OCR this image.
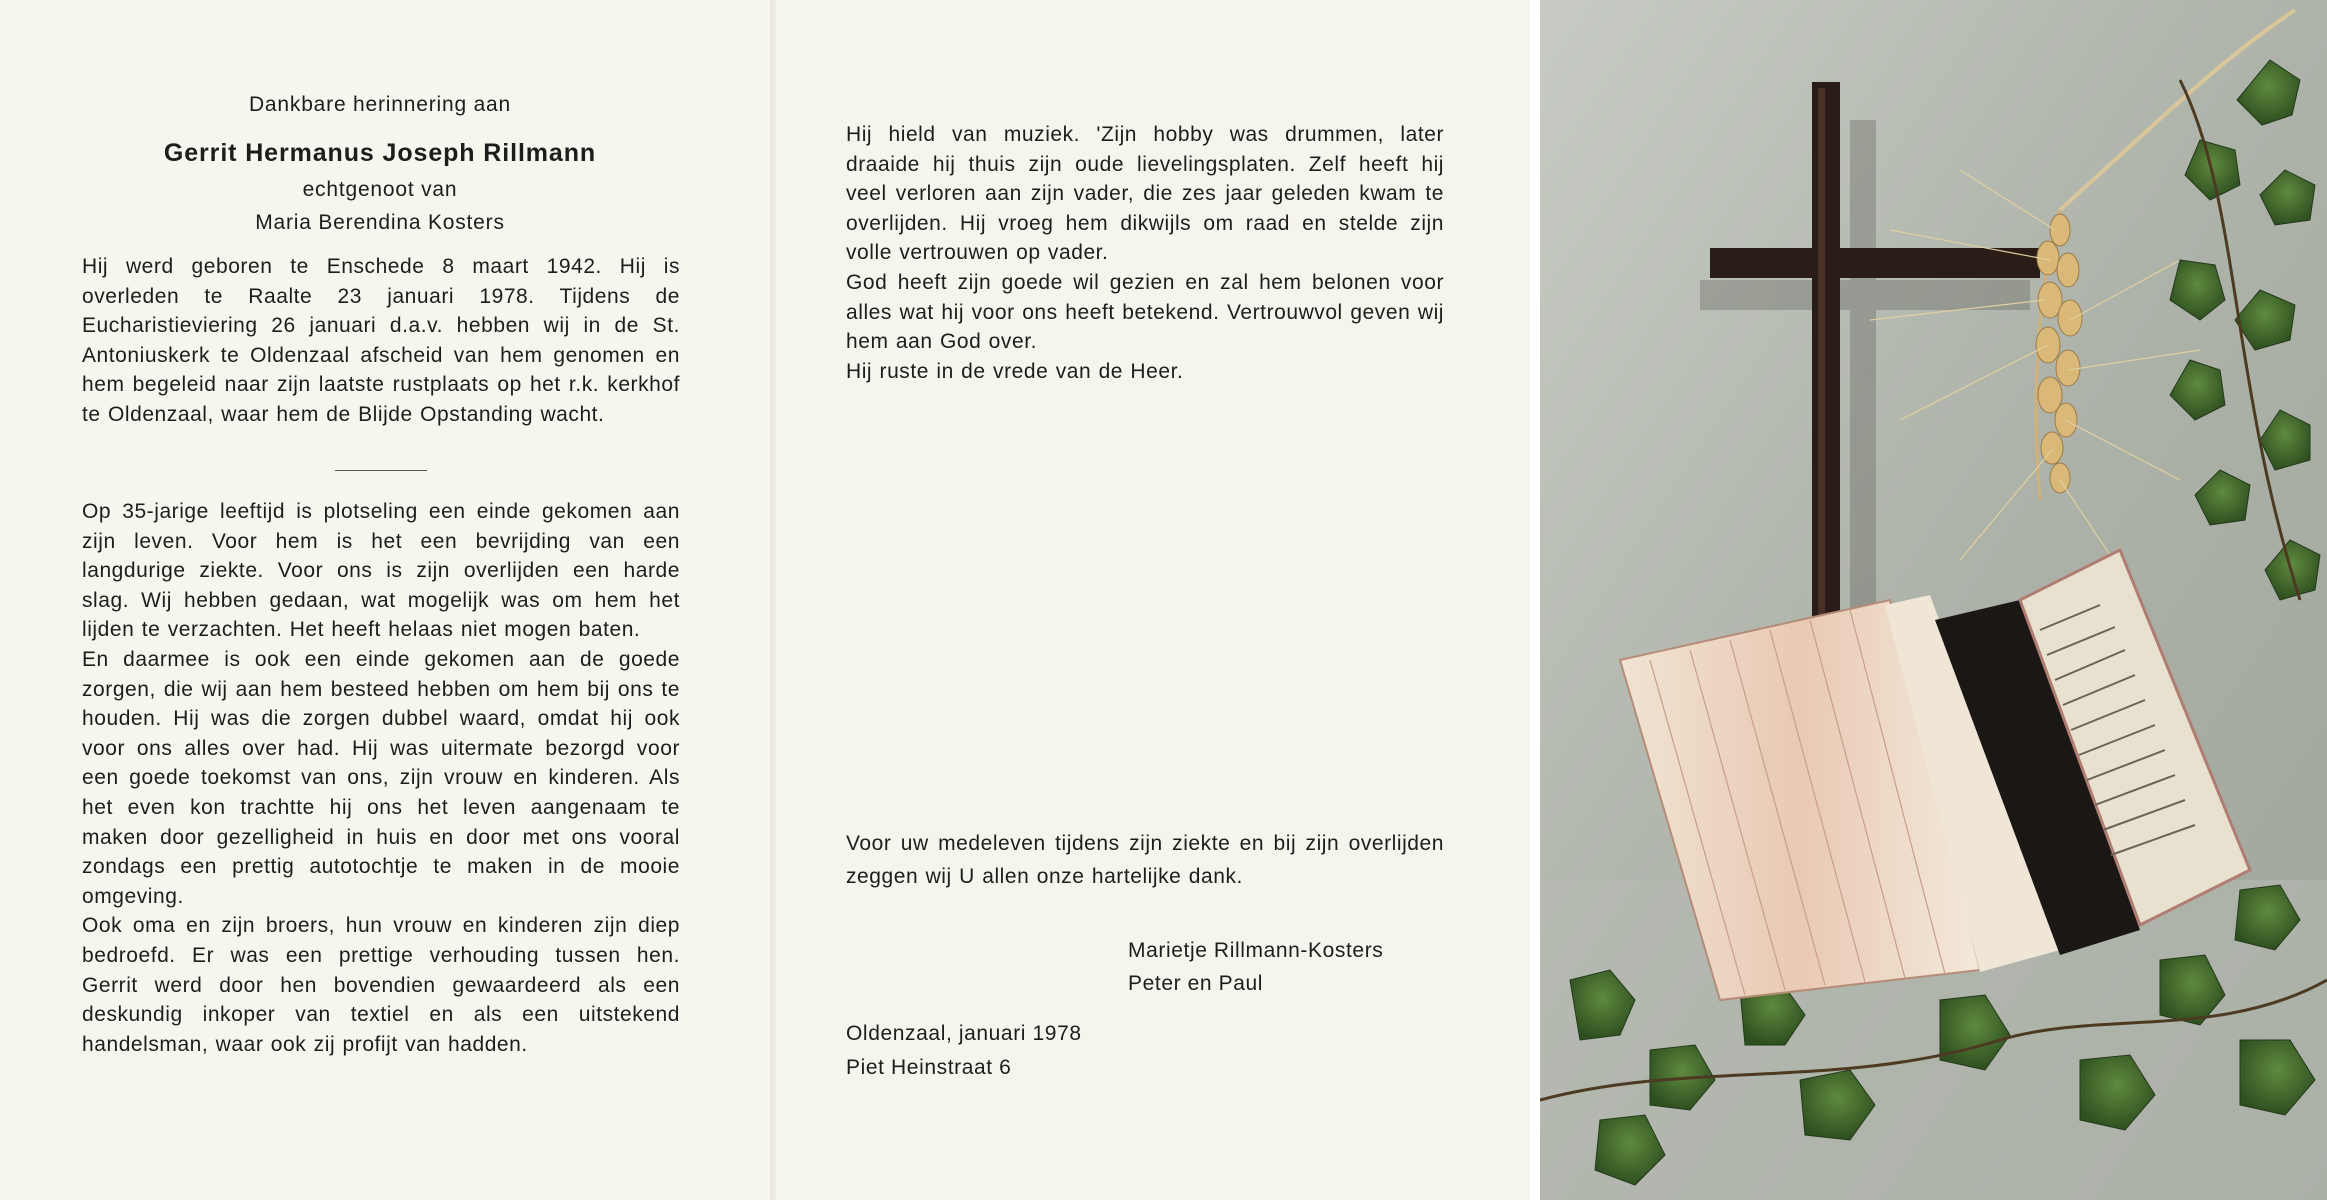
Dankbare herinnering aan
Gerrit Hermanus Joseph Rillmann
echtgenoot van
Maria Berendina Kosters

Hij werd geboren te Enschede 8 maart 1942. Hij is overleden te Raalte 23 januari 1978. Tijdens de Eucharistieviering 26 januari d.a.v. hebben wij in de St. Antoniuskerk te Oldenzaal afscheid van hem genomen en hem begeleid naar zijn laatste rustplaats op het r.k. kerkhof te Oldenzaal, waar hem de Blijde Opstanding wacht.

Op 35-jarige leeftijd is plotseling een einde gekomen aan zijn leven. Voor hem is het een bevrijding van een langdurige ziekte. Voor ons is zijn overlijden een harde slag. Wij hebben gedaan, wat mogelijk was om hem het lijden te verzachten. Het heeft helaas niet mogen baten.

En daarmee is ook een einde gekomen aan de goede zorgen, die wij aan hem besteed hebben om hem bij ons te houden. Hij was die zorgen dubbel waard, omdat hij ook voor ons alles over had. Hij was uitermate bezorgd voor een goede toekomst van ons, zijn vrouw en kinderen. Als het even kon trachtte hij ons het leven aangenaam te maken door gezelligheid in huis en door met ons vooral zondags een prettig autotochtje te maken in de mooie omgeving.

Ook oma en zijn broers, hun vrouw en kinderen zijn diep bedroefd. Er was een prettige verhouding tussen hen. Gerrit werd door hen bovendien gewaardeerd als een deskundig inkoper van textiel en als een uitstekend handelsman, waar ook zij profijt van hadden.

Hij hield van muziek. 'Zijn hobby was drummen, later draaide hij thuis zijn oude lievelingsplaten. Zelf heeft hij veel verloren aan zijn vader, die zes jaar geleden kwam te overlijden. Hij vroeg hem dikwijls om raad en stelde zijn volle vertrouwen op vader.

God heeft zijn goede wil gezien en zal hem belonen voor alles wat hij voor ons heeft betekend. Vertrouwvol geven wij hem aan God over.

Hij ruste in de vrede van de Heer.

Voor uw medeleven tijdens zijn ziekte en bij zijn overlijden zeggen wij U allen onze hartelijke dank.

Marietje Rillmann-Kosters
Peter en Paul
Oldenzaal, januari 1978
Piet Heinstraat 6
